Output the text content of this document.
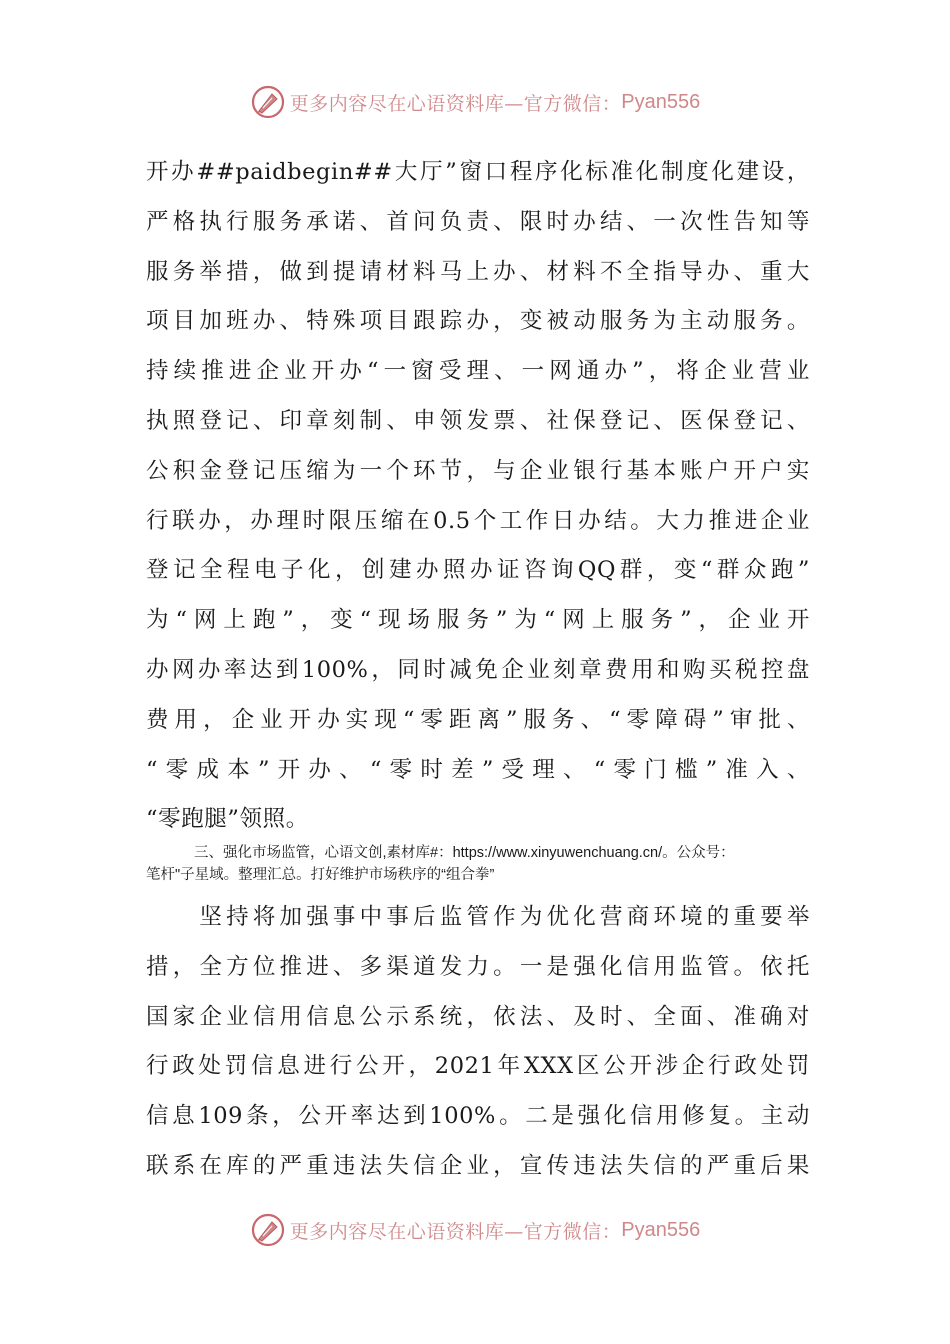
更多内容尽在心语资料库—官方微信： Pyan556
开办##paidbegin##大厅”窗口程序化标准化制度化建设，
严格执行服务承诺、首问负责、限时办结、一次性告知等
服务举措，做到提请材料马上办、材料不全指导办、重大
项目加班办、特殊项目跟踪办，变被动服务为主动服务。
持续推进企业开办“一窗受理、一网通办”，将企业营业
执照登记、印章刻制、申领发票、社保登记、医保登记、
公积金登记压缩为一个环节，与企业银行基本账户开户实
行联办，办理时限压缩在0.5个工作日办结。大力推进企业
登记全程电子化，创建办照办证咨询QQ群，变“群众跑”
为“网上跑”，变“现场服务”为“网上服务”，企业开
办网办率达到100%，同时减免企业刻章费用和购买税控盘
费用，企业开办实现“零距离”服务、“零障碍”审批、
“零成本”开办、“零时差”受理、“零门槛”准入、
“零跑腿”领照。
三、强化市场监管，心语文创,素材库#：https://www.xinyuwenchuang.cn/。公众号：
笔杆"子星域。整理汇总。打好维护市场秩序的“组合拳”
　　坚持将加强事中事后监管作为优化营商环境的重要举
措，全方位推进、多渠道发力。一是强化信用监管。依托
国家企业信用信息公示系统，依法、及时、全面、准确对
行政处罚信息进行公开，2021年XXX区公开涉企行政处罚
信息109条，公开率达到100%。二是强化信用修复。主动
联系在库的严重违法失信企业，宣传违法失信的严重后果
更多内容尽在心语资料库—官方微信： Pyan556
